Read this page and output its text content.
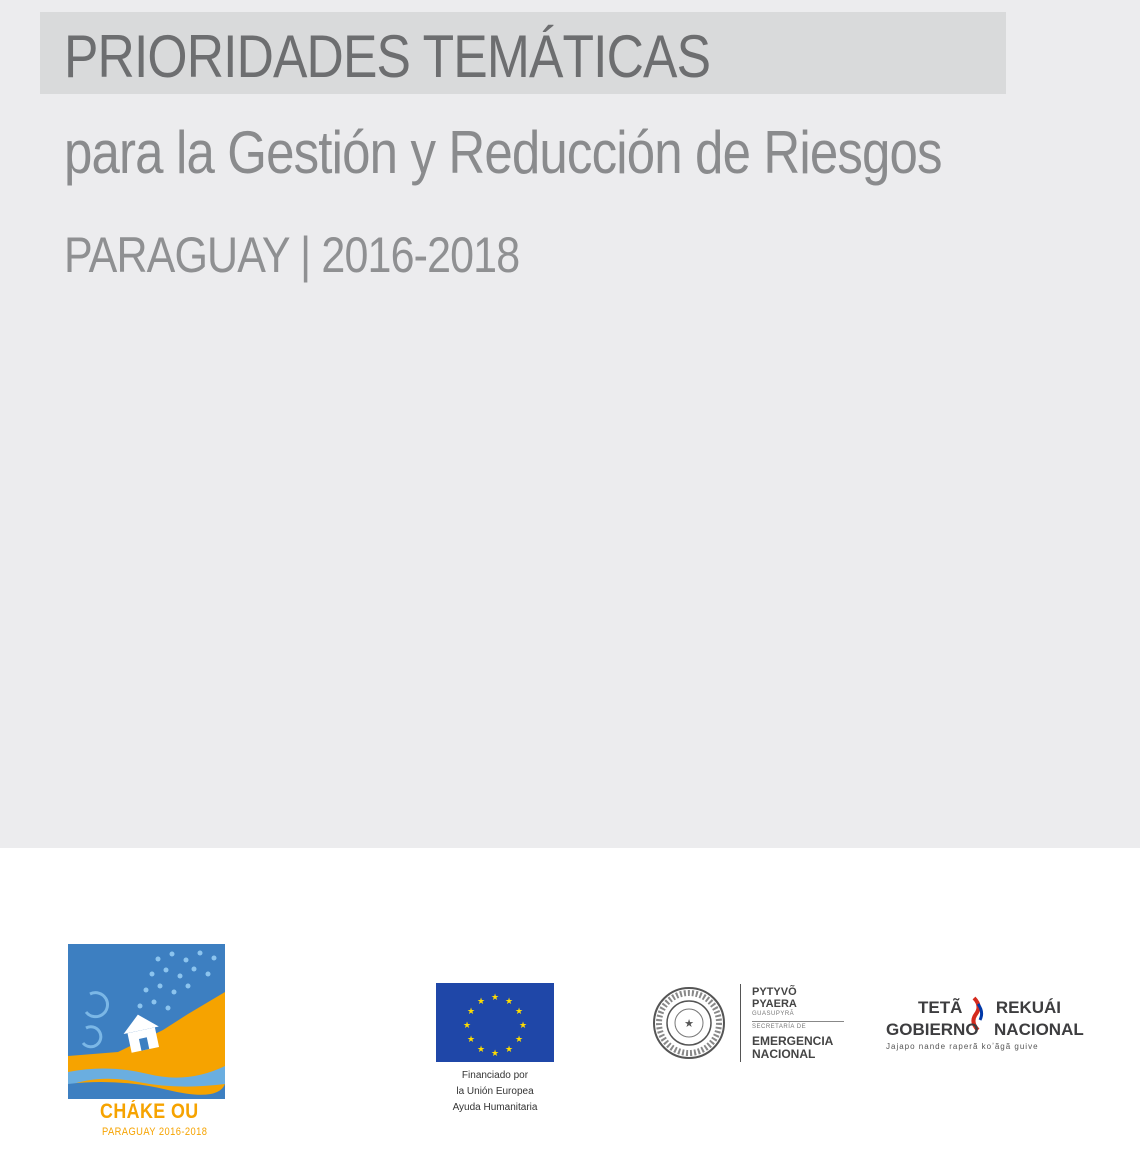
PRIORIDADES TEMÁTICAS
para la Gestión y Reducción de Riesgos
PARAGUAY | 2016-2018
CHÁKE OU
PARAGUAY 2016-2018
★ ★
★
★
★
★
★
★
★
★
★
★
Financiado por
la Unión Europea
Ayuda Humanitaria
★
PYTYVÕ
PYAERA
GUASUPYRÃ
SECRETARÍA DE
EMERGENCIA
NACIONAL
TETÃ REKUÁI
GOBIERNO NACIONAL
Jajapo nande raperã koʼãgã guive
